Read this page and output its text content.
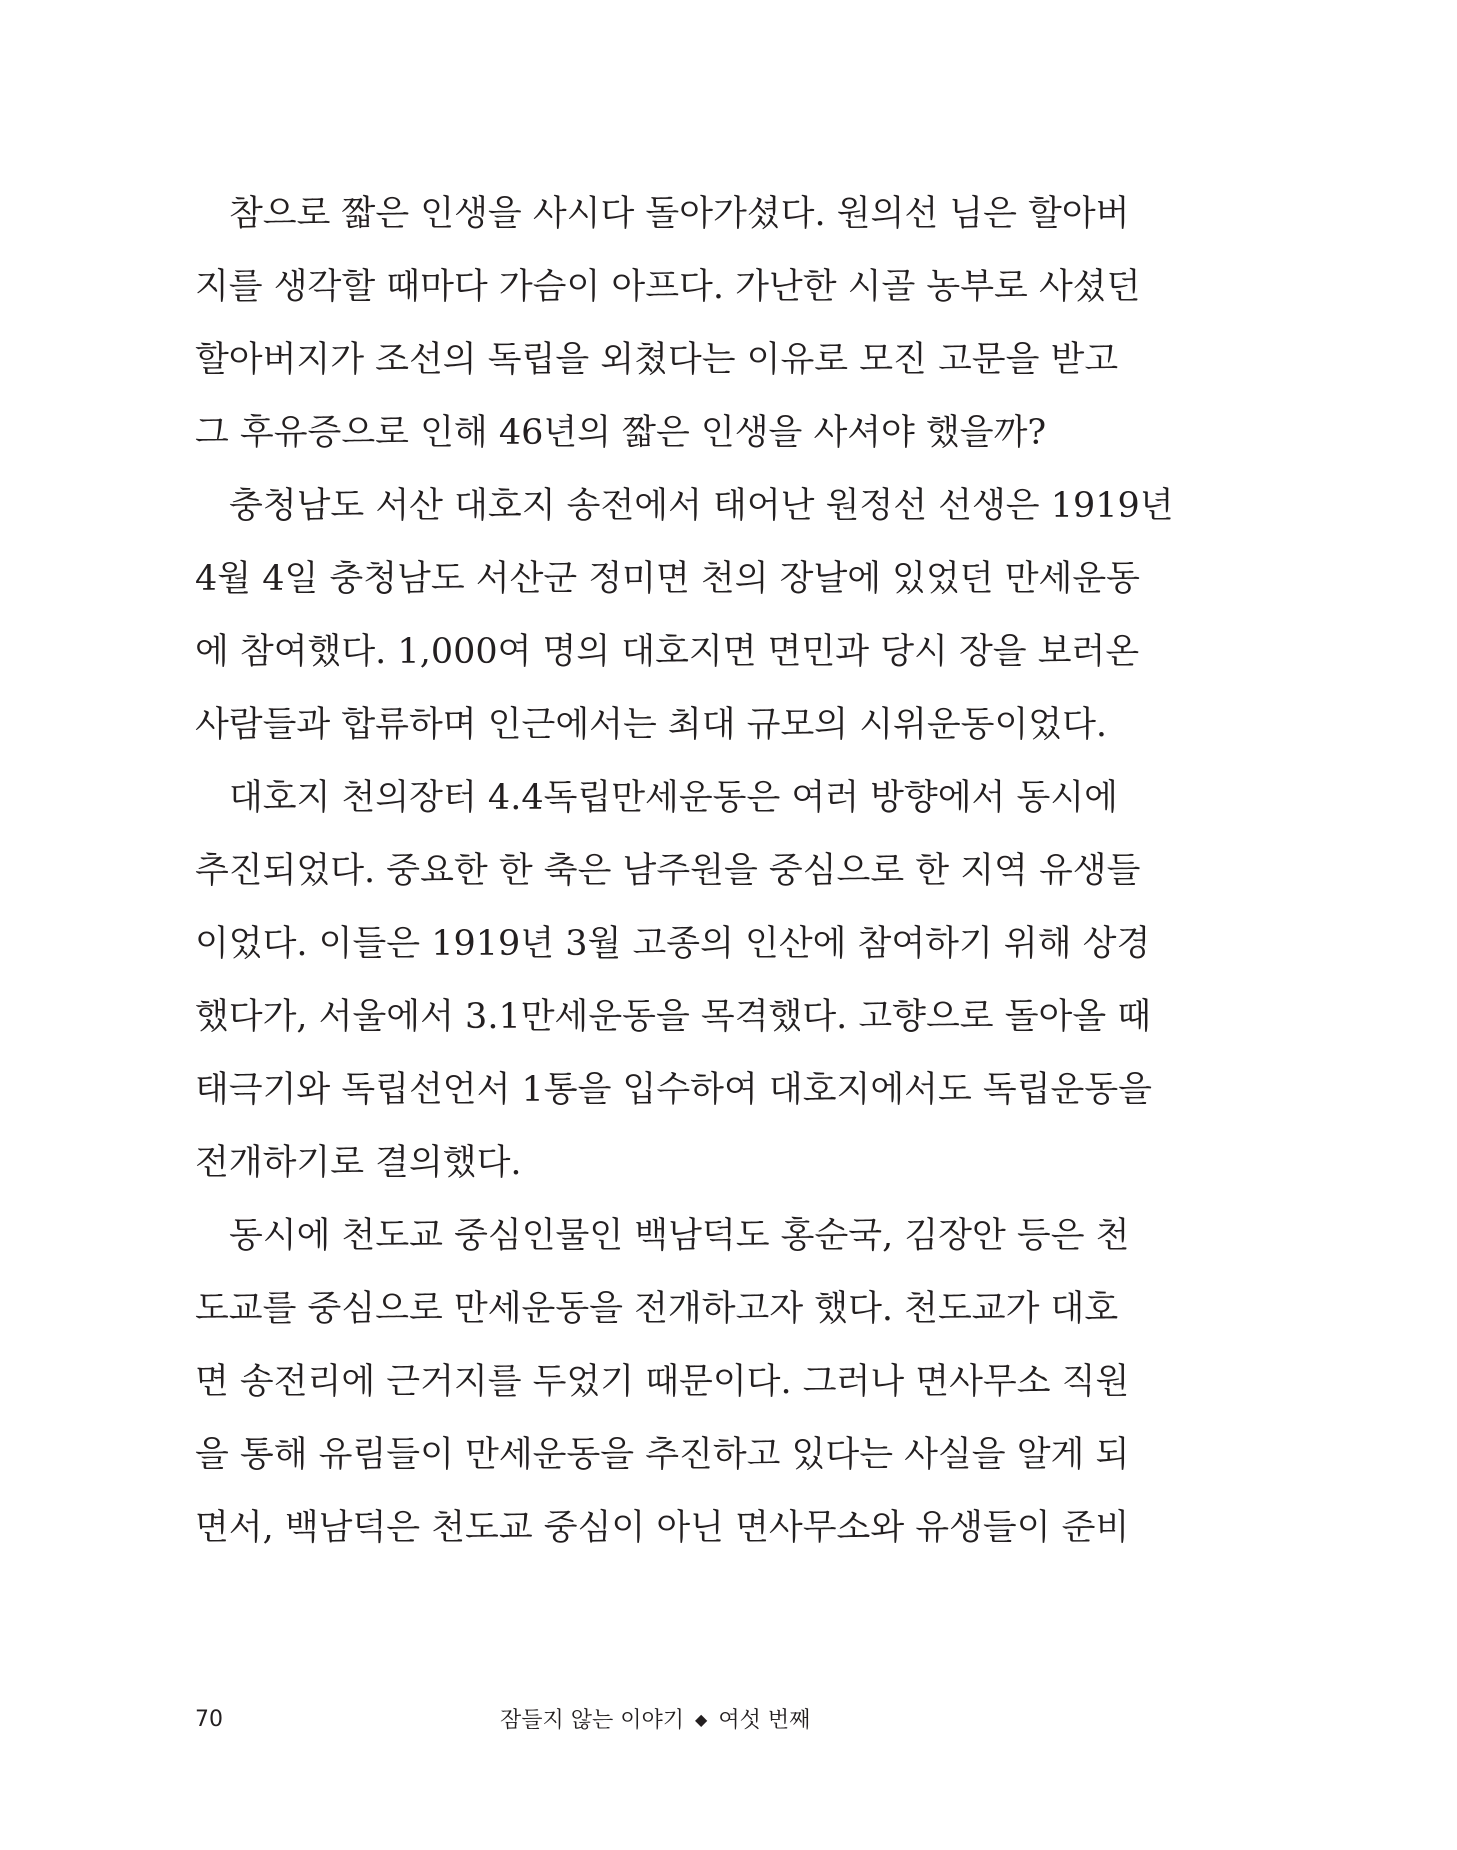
참으로 짧은 인생을 사시다 돌아가셨다. 원의선 님은 할아버
지를 생각할 때마다 가슴이 아프다. 가난한 시골 농부로 사셨던
할아버지가 조선의 독립을 외쳤다는 이유로 모진 고문을 받고
그 후유증으로 인해 46년의 짧은 인생을 사셔야 했을까?

충청남도 서산 대호지 송전에서 태어난 원정선 선생은 1919년
4월 4일 충청남도 서산군 정미면 천의 장날에 있었던 만세운동
에 참여했다. 1,000여 명의 대호지면 면민과 당시 장을 보러온
사람들과 합류하며 인근에서는 최대 규모의 시위운동이었다.

대호지 천의장터 4.4독립만세운동은 여러 방향에서 동시에
추진되었다. 중요한 한 축은 남주원을 중심으로 한 지역 유생들
이었다. 이들은 1919년 3월 고종의 인산에 참여하기 위해 상경
했다가, 서울에서 3.1만세운동을 목격했다. 고향으로 돌아올 때
태극기와 독립선언서 1통을 입수하여 대호지에서도 독립운동을
전개하기로 결의했다.

동시에 천도교 중심인물인 백남덕도 홍순국, 김장안 등은 천
도교를 중심으로 만세운동을 전개하고자 했다. 천도교가 대호
면 송전리에 근거지를 두었기 때문이다. 그러나 면사무소 직원
을 통해 유림들이 만세운동을 추진하고 있다는 사실을 알게 되
면서, 백남덕은 천도교 중심이 아닌 면사무소와 유생들이 준비

70	잠들지 않는 이야기 ◆ 여섯 번째
